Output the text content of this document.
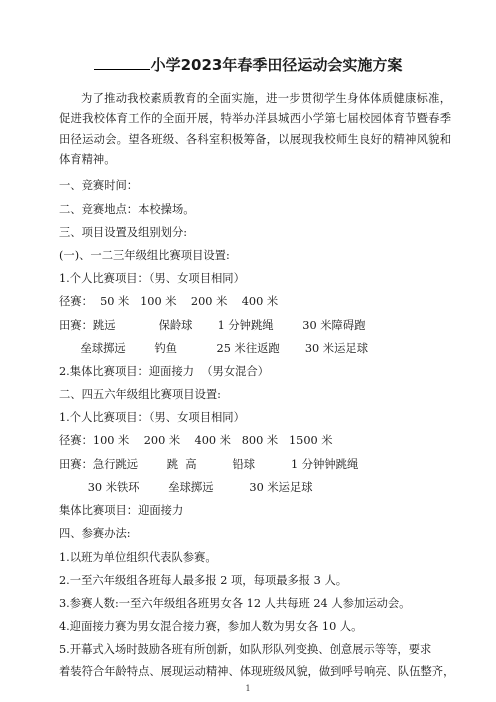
小学2023年春季田径运动会实施方案

为了推动我校素质教育的全面实施，进一步贯彻学生身体体质健康标准，促进我校体育工作的全面开展，特举办洋县城西小学第七届校园体育节暨春季田径运动会。望各班级、各科室积极筹备，以展现我校师生良好的精神风貌和体育精神。

一、竞赛时间：
二、竞赛地点：本校操场。
三、项目设置及组别划分:
(一)、一二三年级组比赛项目设置:
1.个人比赛项目：（男、女项目相同）
径赛：  50 米   100 米    200 米    400 米
田赛：跳远            保龄球       1 分钟跳绳        30 米障碍跑
垒球掷远        钓鱼           25 米往返跑       30 米运足球
2.集体比赛项目：迎面接力  （男女混合）
二、四五六年级组比赛项目设置:
1.个人比赛项目：（男、女项目相同）
径赛：100 米    200 米    400 米   800 米   1500 米
田赛：急行跳远        跳  高          铅球          1 分钟钟跳绳
30 米铁环        垒球掷远          30 米运足球
集体比赛项目：迎面接力
四、参赛办法:
1.以班为单位组织代表队参赛。
2.一至六年级组各班每人最多报 2 项，每项最多报 3 人。
3.参赛人数:一至六年级组各班男女各 12 人共每班 24 人参加运动会。
4.迎面接力赛为男女混合接力赛，参加人数为男女各 10 人。
5.开幕式入场时鼓励各班有所创新，如队形队列变换、创意展示等等，要求
着装符合年龄特点、展现运动精神、体现班级风貌，做到呼号响亮、队伍整齐，
1
